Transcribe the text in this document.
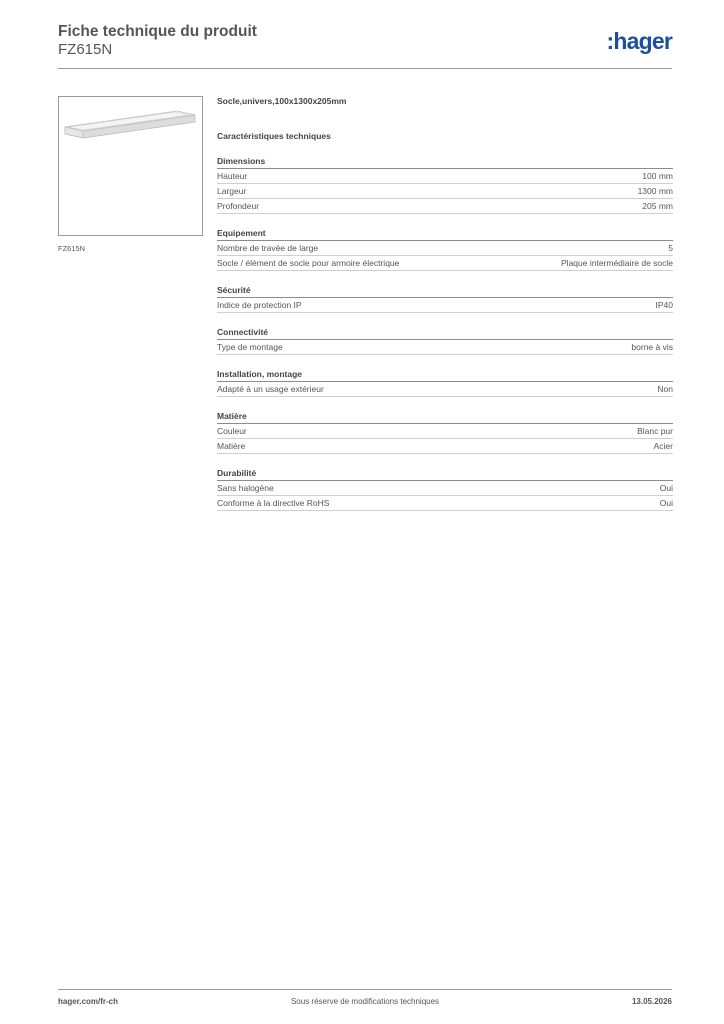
Fiche technique du produit
FZ615N	:hager
FZ615N
Socle,univers,100x1300x205mm
Caractéristiques techniques
Dimensions
Hauteur	100 mm
Largeur	1300 mm
Profondeur	205 mm
Equipement
Nombre de travée de large	5
Socle / élément de socle pour armoire électrique	Plaque intermédiaire de socle
Sécurité
Indice de protection IP	IP40
Connectivité
Type de montage	borne à vis
Installation, montage
Adapté à un usage extérieur	Non
Matière
Couleur	Blanc pur
Matière	Acier
Durabilité
Sans halogène	Oui
Conforme à la directive RoHS	Oui
hager.com/fr-ch	Sous réserve de modifications techniques	13.05.2026
